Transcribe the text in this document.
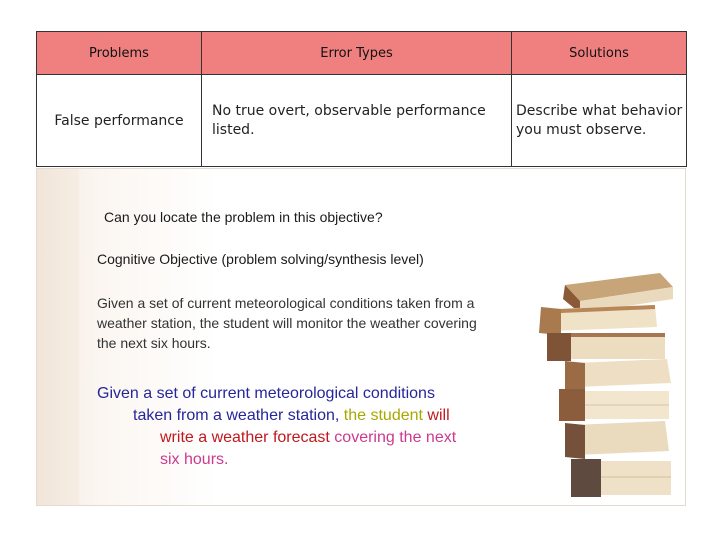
Problems	Error Types	Solutions
False performance	No true overt, observable performance listed.	Describe what behavior you must observe.
Can you locate the problem in this objective?
Cognitive Objective (problem solving/synthesis level)
Given a set of current meteorological conditions taken from a weather station, the student will monitor the weather covering the next six hours.
Given a set of current meteorological conditions
taken from a weather station, the student will
write a weather forecast covering the next
six hours.
